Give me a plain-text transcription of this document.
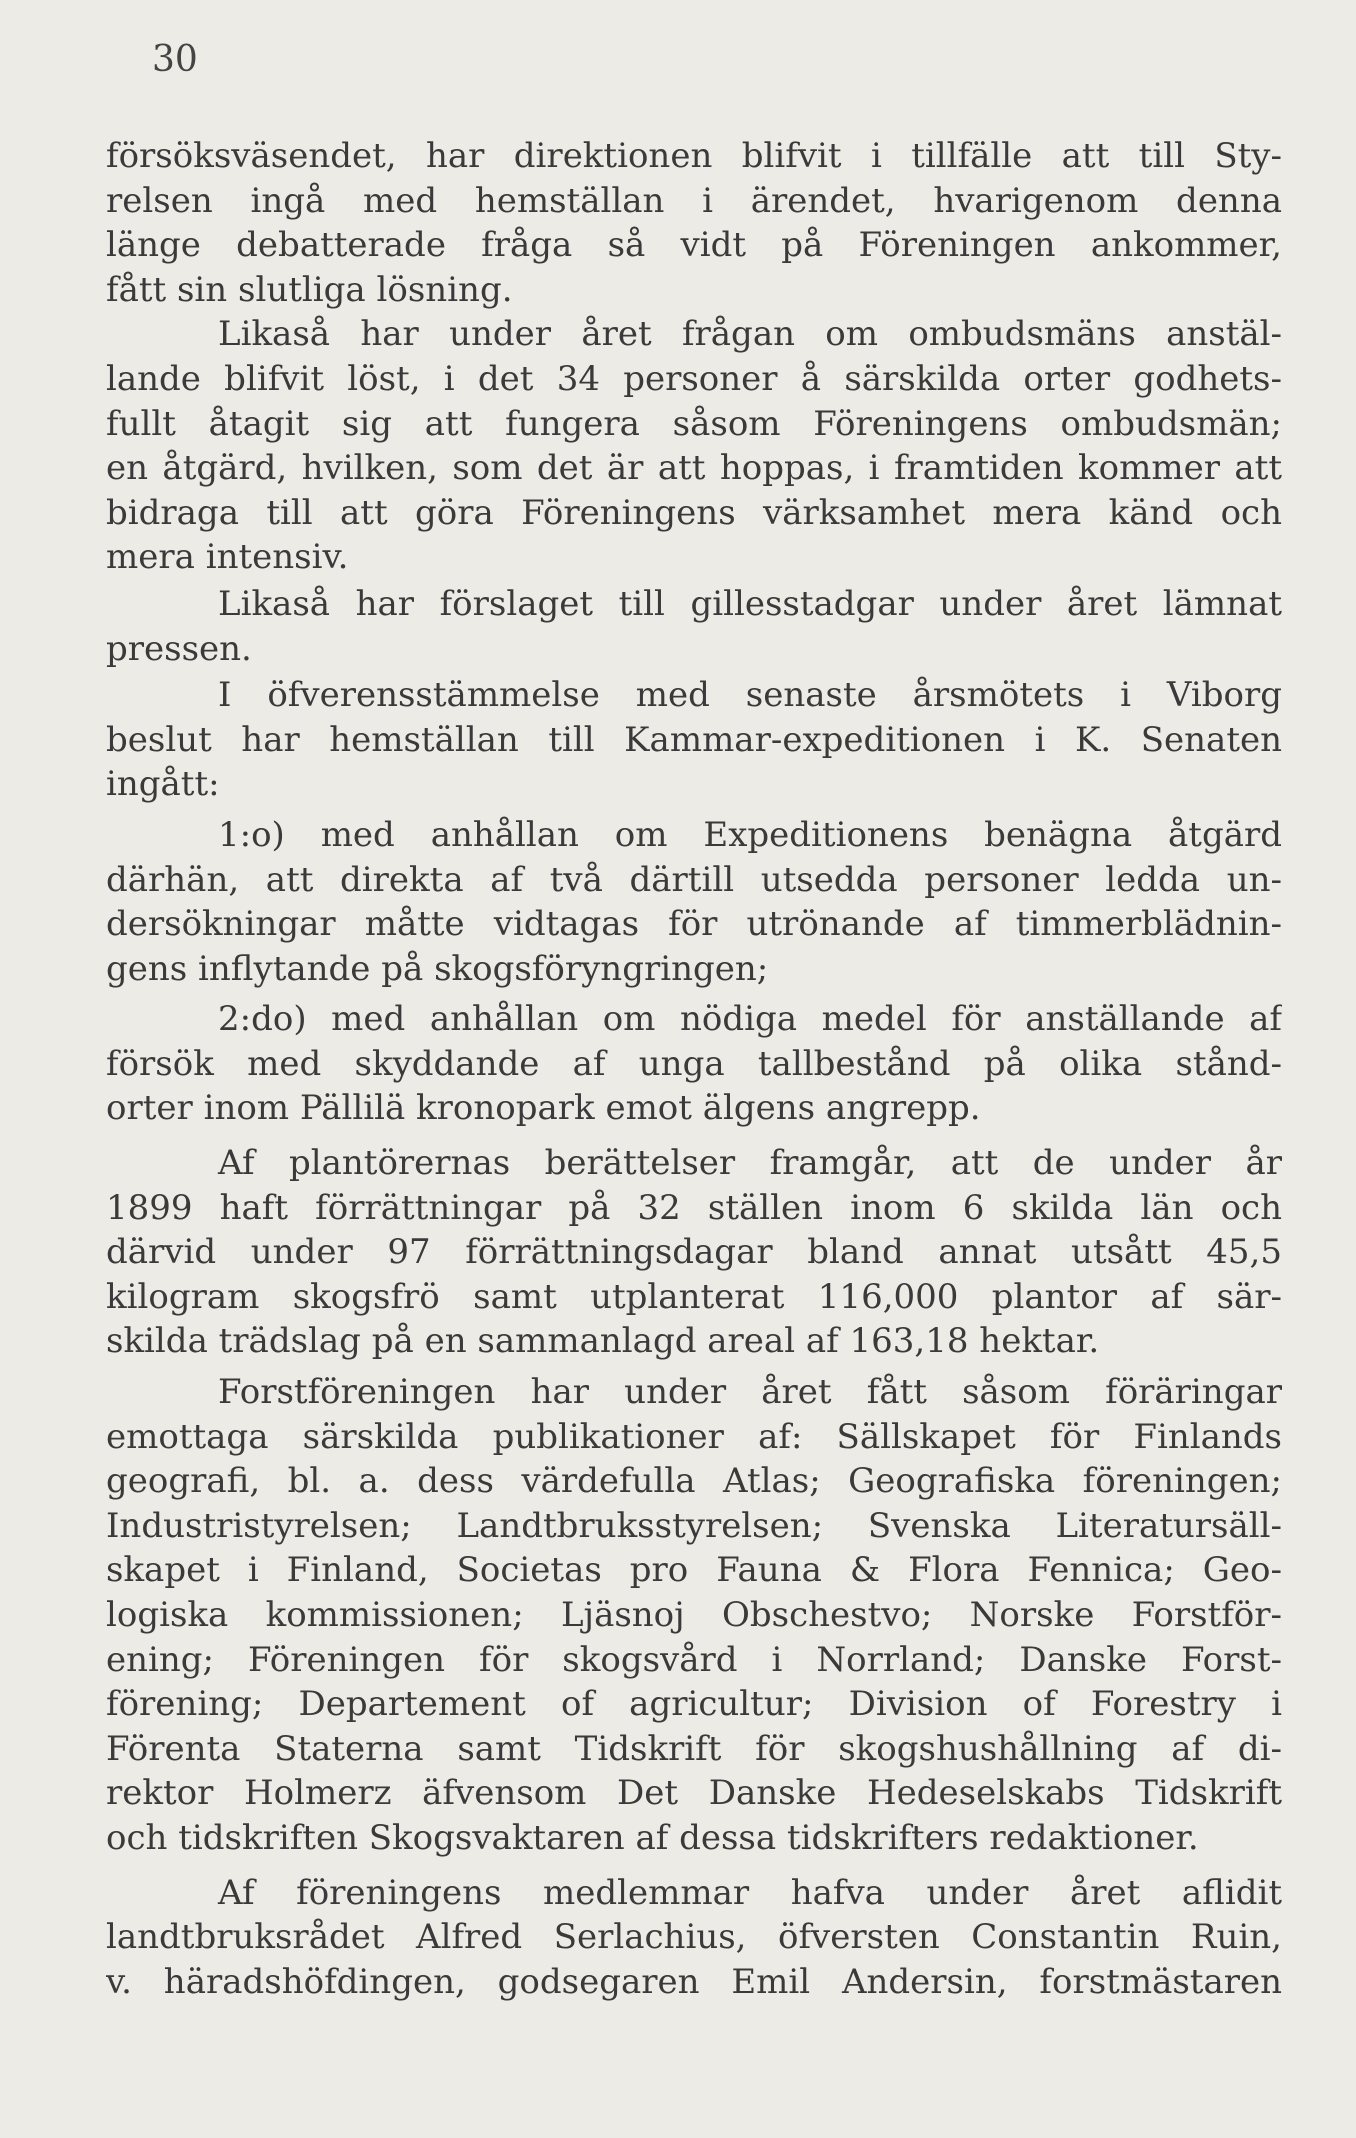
30
försöksväsendet, har direktionen blifvit i tillfälle att till Sty-
relsen ingå med hemställan i ärendet, hvarigenom denna
länge debatterade fråga så vidt på Föreningen ankommer,
fått sin slutliga lösning.
Likaså har under året frågan om ombudsmäns anstäl-
lande blifvit löst, i det 34 personer å särskilda orter godhets-
fullt åtagit sig att fungera såsom Föreningens ombudsmän;
en åtgärd, hvilken, som det är att hoppas, i framtiden kommer att
bidraga till att göra Föreningens värksamhet mera känd och
mera intensiv.
Likaså har förslaget till gillesstadgar under året lämnat
pressen.
I öfverensstämmelse med senaste årsmötets i Viborg
beslut har hemställan till Kammar-expeditionen i K. Senaten
ingått:
1:o) med anhållan om Expeditionens benägna åtgärd
därhän, att direkta af två därtill utsedda personer ledda un-
dersökningar måtte vidtagas för utrönande af timmerblädnin-
gens inflytande på skogsföryngringen;
2:do) med anhållan om nödiga medel för anställande af
försök med skyddande af unga tallbestånd på olika stånd-
orter inom Pällilä kronopark emot älgens angrepp.
Af plantörernas berättelser framgår, att de under år
1899 haft förrättningar på 32 ställen inom 6 skilda län och
därvid under 97 förrättningsdagar bland annat utsått 45,5
kilogram skogsfrö samt utplanterat 116,000 plantor af sär-
skilda trädslag på en sammanlagd areal af 163,18 hektar.
Forstföreningen har under året fått såsom föräringar
emottaga särskilda publikationer af: Sällskapet för Finlands
geografi, bl. a. dess värdefulla Atlas; Geografiska föreningen;
Industristyrelsen; Landtbruksstyrelsen; Svenska Literatursäll-
skapet i Finland, Societas pro Fauna & Flora Fennica; Geo-
logiska kommissionen; Ljäsnoj Obschestvo; Norske Forstför-
ening; Föreningen för skogsvård i Norrland; Danske Forst-
förening; Departement of agricultur; Division of Forestry i
Förenta Staterna samt Tidskrift för skogshushållning af di-
rektor Holmerz äfvensom Det Danske Hedeselskabs Tidskrift
och tidskriften Skogsvaktaren af dessa tidskrifters redaktioner.
Af föreningens medlemmar hafva under året aflidit
landtbruksrådet Alfred Serlachius, öfversten Constantin Ruin,
v. häradshöfdingen, godsegaren Emil Andersin, forstmästaren
